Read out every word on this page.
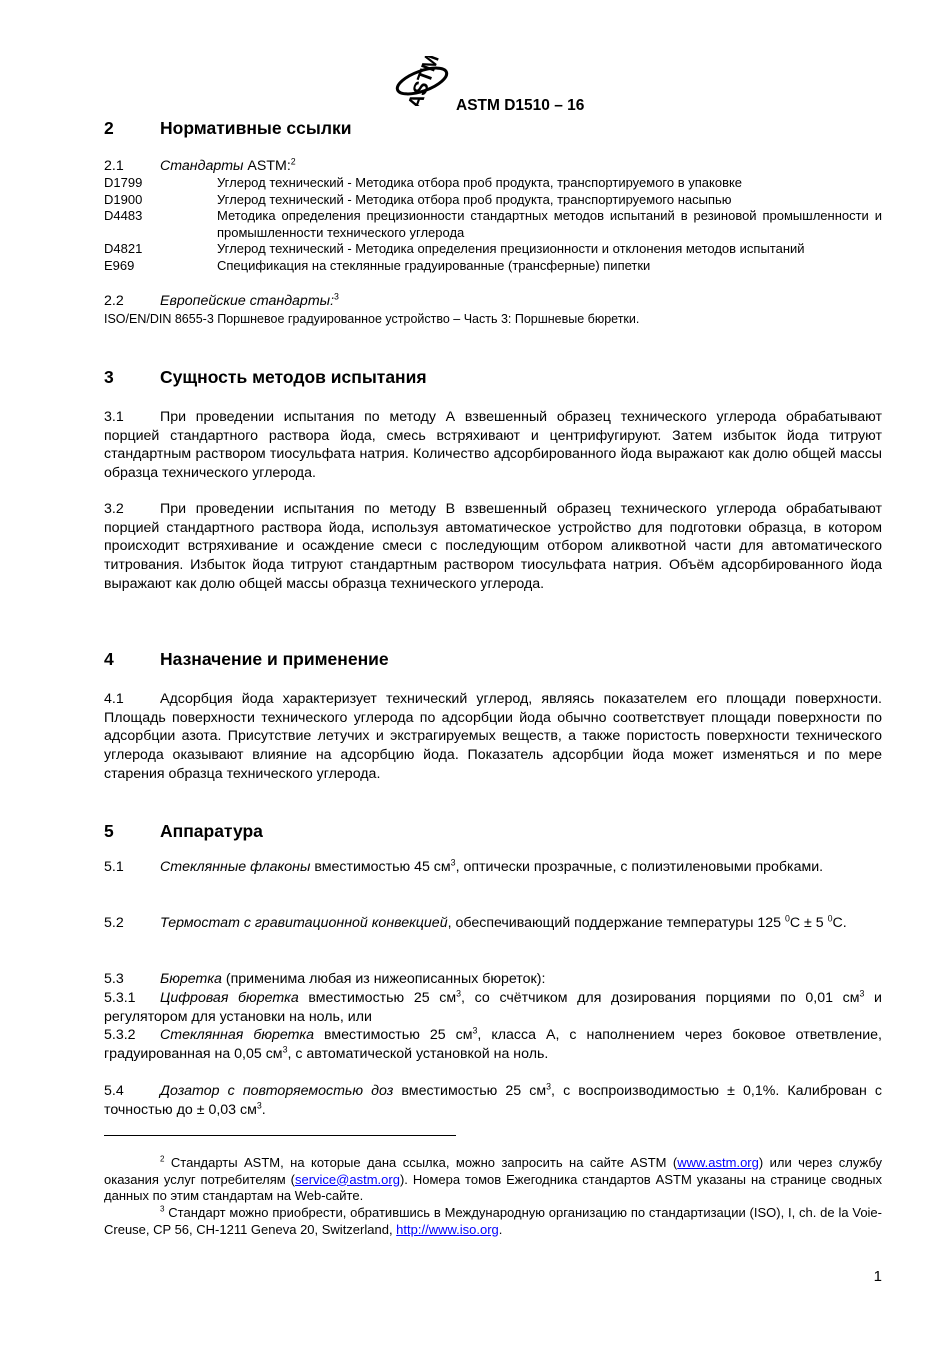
ASTM ASTM D1510 – 16
2	Нормативные ссылки
2.1	Стандарты ASTM:$^2$
D1799	Углерод технический - Методика отбора проб продукта, транспортируемого в упаковке
D1900	Углерод технический - Методика отбора проб продукта, транспортируемого насыпью
D4483	Методика определения прецизионности стандартных методов испытаний в резиновой промышленности и промышленности технического углерода
D4821	Углерод технический - Методика определения прецизионности и отклонения методов испытаний
E969	Спецификация на стеклянные градуированные (трансферные) пипетки
2.2	Европейские стандарты:$^3$
ISO/EN/DIN 8655-3 Поршневое градуированное устройство – Часть 3: Поршневые бюретки.
3	Сущность методов испытания
3.1	При проведении испытания по методу А взвешенный образец технического углерода обрабатывают порцией стандартного раствора йода, смесь встряхивают и центрифугируют. Затем избыток йода титруют стандартным раствором тиосульфата натрия. Количество адсорбированного йода выражают как долю общей массы образца технического углерода.
3.2	При проведении испытания по методу В взвешенный образец технического углерода обрабатывают порцией стандартного раствора йода, используя автоматическое устройство для подготовки образца, в котором происходит встряхивание и осаждение смеси с последующим отбором аликвотной части для автоматического титрования. Избыток йода титруют стандартным раствором тиосульфата натрия. Объём адсорбированного йода выражают как долю общей массы образца технического углерода.
4	Назначение и применение
4.1	Адсорбция йода характеризует технический углерод, являясь показателем его площади поверхности. Площадь поверхности технического углерода по адсорбции йода обычно соответствует площади поверхности по адсорбции азота. Присутствие летучих и экстрагируемых веществ, а также пористость поверхности технического углерода оказывают влияние на адсорбцию йода. Показатель адсорбции йода может изменяться и по мере старения образца технического углерода.
5	Аппаратура
5.1	Стеклянные флаконы вместимостью 45 $см^3$, оптически прозрачные, с полиэтиленовыми пробками.
5.2	Термостат с гравитационной конвекцией, обеспечивающий поддержание температуры 125 $^0$С ± 5 $^0$С.
5.3	Бюретка (применима любая из нижеописанных бюреток):
5.3.1 Цифровая бюретка вместимостью 25 $см^3$, со счётчиком для дозирования порциями по 0,01 $см^3$ и регулятором для установки на ноль, или
5.3.2 Стеклянная бюретка вместимостью 25 $см^3$, класса А, с наполнением через боковое ответвление, градуированная на 0,05 $см^3$, с автоматической установкой на ноль.
5.4	Дозатор с повторяемостью доз вместимостью 25 $см^3$, с воспроизводимостью ± 0,1%. Калиброван с точностью до ± 0,03 $см^3$.
$^2$ Стандарты ASTM, на которые дана ссылка, можно запросить на сайте ASTM (www.astm.org) или через службу оказания услуг потребителям (service@astm.org). Номера томов Ежегодника стандартов ASTM указаны на странице сводных данных по этим стандартам на Web-сайте.
$^3$ Стандарт можно приобрести, обратившись в Международную организацию по стандартизации (ISO), I, ch. de la Voie-Creuse, CP 56, CH-1211 Geneva 20, Switzerland, http://www.iso.org.
1
